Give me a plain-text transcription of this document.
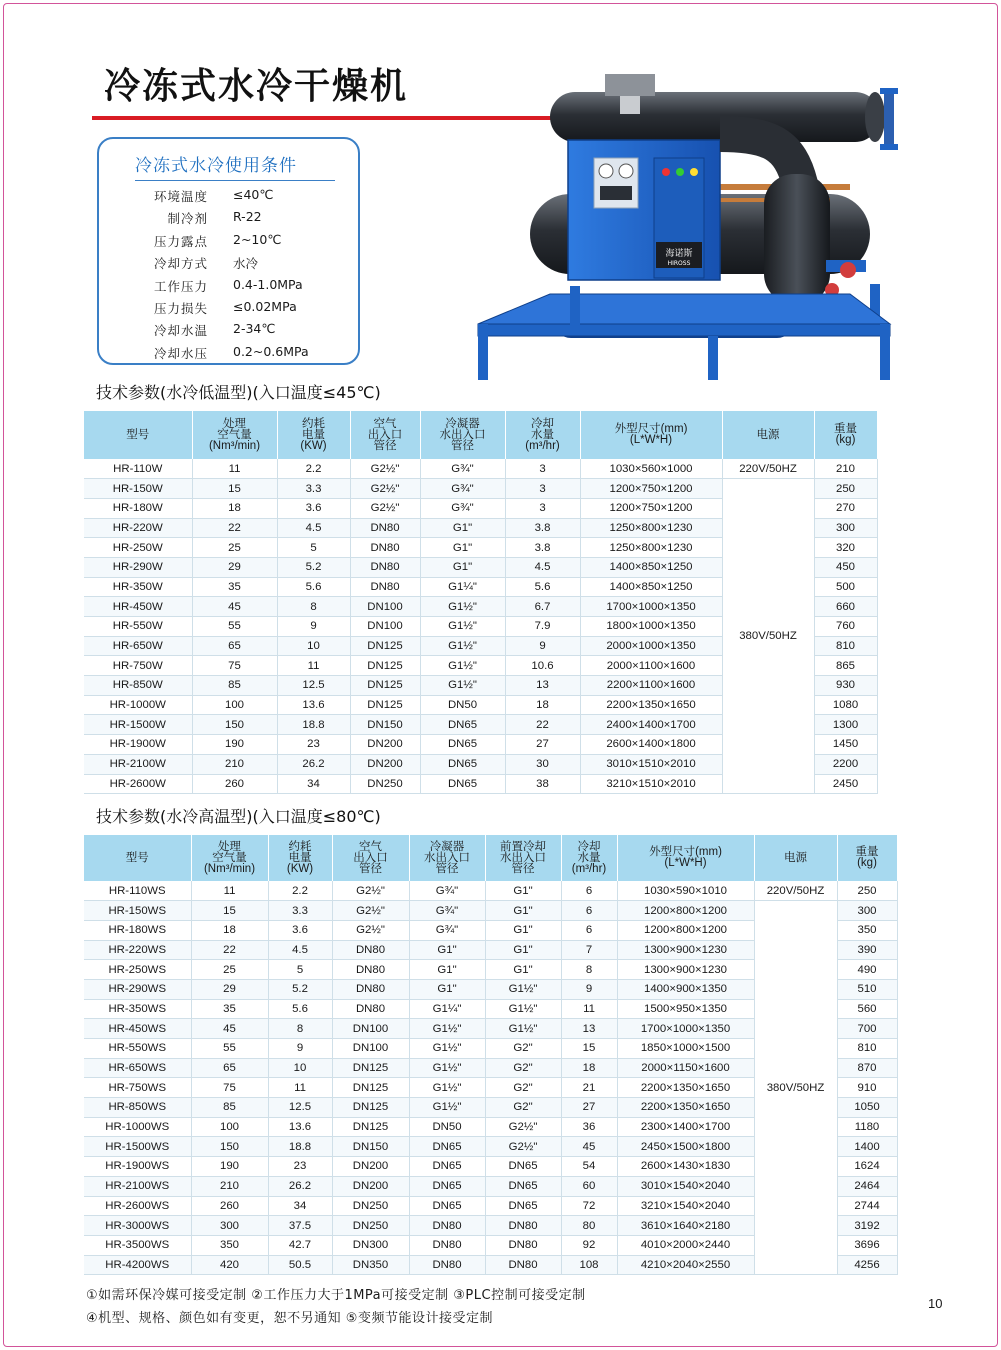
冷冻式水冷干燥机
冷冻式水冷使用条件
环境温度 ≤40℃
制冷剂 R-22
压力露点 2~10℃
冷却方式 水冷
工作压力 0.4-1.0MPa
压力损失 ≤0.02MPa
冷却水温 2-34℃
冷却水压 0.2~0.6MPa
海诺斯
HIROSS
技术参数(水冷低温型)(入口温度≤45℃)
型号	处理
空气量
(Nm³/min)	约耗
电量
(KW)	空气
出入口
管径	冷凝器
水出入口
管径	冷却
水量
(m³/hr)	外型尺寸(mm)
(L*W*H)	电源	重量
(kg)
HR-110W	11	2.2	G2½"	G¾"	3	1030×560×1000	220V/50HZ	210
HR-150W	15	3.3	G2½"	G¾"	3	1200×750×1200	380V/50HZ	250
HR-180W	18	3.6	G2½"	G¾"	3	1200×750×1200		270
HR-220W	22	4.5	DN80	G1"	3.8	1250×800×1230		300
HR-250W	25	5	DN80	G1"	3.8	1250×800×1230		320
HR-290W	29	5.2	DN80	G1"	4.5	1400×850×1250		450
HR-350W	35	5.6	DN80	G1¼"	5.6	1400×850×1250		500
HR-450W	45	8	DN100	G1½"	6.7	1700×1000×1350		660
HR-550W	55	9	DN100	G1½"	7.9	1800×1000×1350		760
HR-650W	65	10	DN125	G1½"	9	2000×1000×1350		810
HR-750W	75	11	DN125	G1½"	10.6	2000×1100×1600		865
HR-850W	85	12.5	DN125	G1½"	13	2200×1100×1600		930
HR-1000W	100	13.6	DN125	DN50	18	2200×1350×1650		1080
HR-1500W	150	18.8	DN150	DN65	22	2400×1400×1700		1300
HR-1900W	190	23	DN200	DN65	27	2600×1400×1800		1450
HR-2100W	210	26.2	DN200	DN65	30	3010×1510×2010		2200
HR-2600W	260	34	DN250	DN65	38	3210×1510×2010		2450
技术参数(水冷高温型)(入口温度≤80℃)
型号	处理
空气量
(Nm³/min)	约耗
电量
(KW)	空气
出入口
管径	冷凝器
水出入口
管径	前置冷却
水出入口
管径	冷却
水量
(m³/hr)	外型尺寸(mm)
(L*W*H)	电源	重量
(kg)
HR-110WS	11	2.2	G2½"	G¾"	G1"	6	1030×590×1010	220V/50HZ	250
HR-150WS	15	3.3	G2½"	G¾"	G1"	6	1200×800×1200	380V/50HZ	300
HR-180WS	18	3.6	G2½"	G¾"	G1"	6	1200×800×1200		350
HR-220WS	22	4.5	DN80	G1"	G1"	7	1300×900×1230		390
HR-250WS	25	5	DN80	G1"	G1"	8	1300×900×1230		490
HR-290WS	29	5.2	DN80	G1"	G1½"	9	1400×900×1350		510
HR-350WS	35	5.6	DN80	G1¼"	G1½"	11	1500×950×1350		560
HR-450WS	45	8	DN100	G1½"	G1½"	13	1700×1000×1350		700
HR-550WS	55	9	DN100	G1½"	G2"	15	1850×1000×1500		810
HR-650WS	65	10	DN125	G1½"	G2"	18	2000×1150×1600		870
HR-750WS	75	11	DN125	G1½"	G2"	21	2200×1350×1650		910
HR-850WS	85	12.5	DN125	G1½"	G2"	27	2200×1350×1650		1050
HR-1000WS	100	13.6	DN125	DN50	G2½"	36	2300×1400×1700		1180
HR-1500WS	150	18.8	DN150	DN65	G2½"	45	2450×1500×1800		1400
HR-1900WS	190	23	DN200	DN65	DN65	54	2600×1430×1830		1624
HR-2100WS	210	26.2	DN200	DN65	DN65	60	3010×1540×2040		2464
HR-2600WS	260	34	DN250	DN65	DN65	72	3210×1540×2040		2744
HR-3000WS	300	37.5	DN250	DN80	DN80	80	3610×1640×2180		3192
HR-3500WS	350	42.7	DN300	DN80	DN80	92	4010×2000×2440		3696
HR-4200WS	420	50.5	DN350	DN80	DN80	108	4210×2040×2550		4256
①如需环保冷媒可接受定制 ②工作压力大于1MPa可接受定制 ③PLC控制可接受定制
④机型、规格、颜色如有变更，恕不另通知 ⑤变频节能设计接受定制
10
